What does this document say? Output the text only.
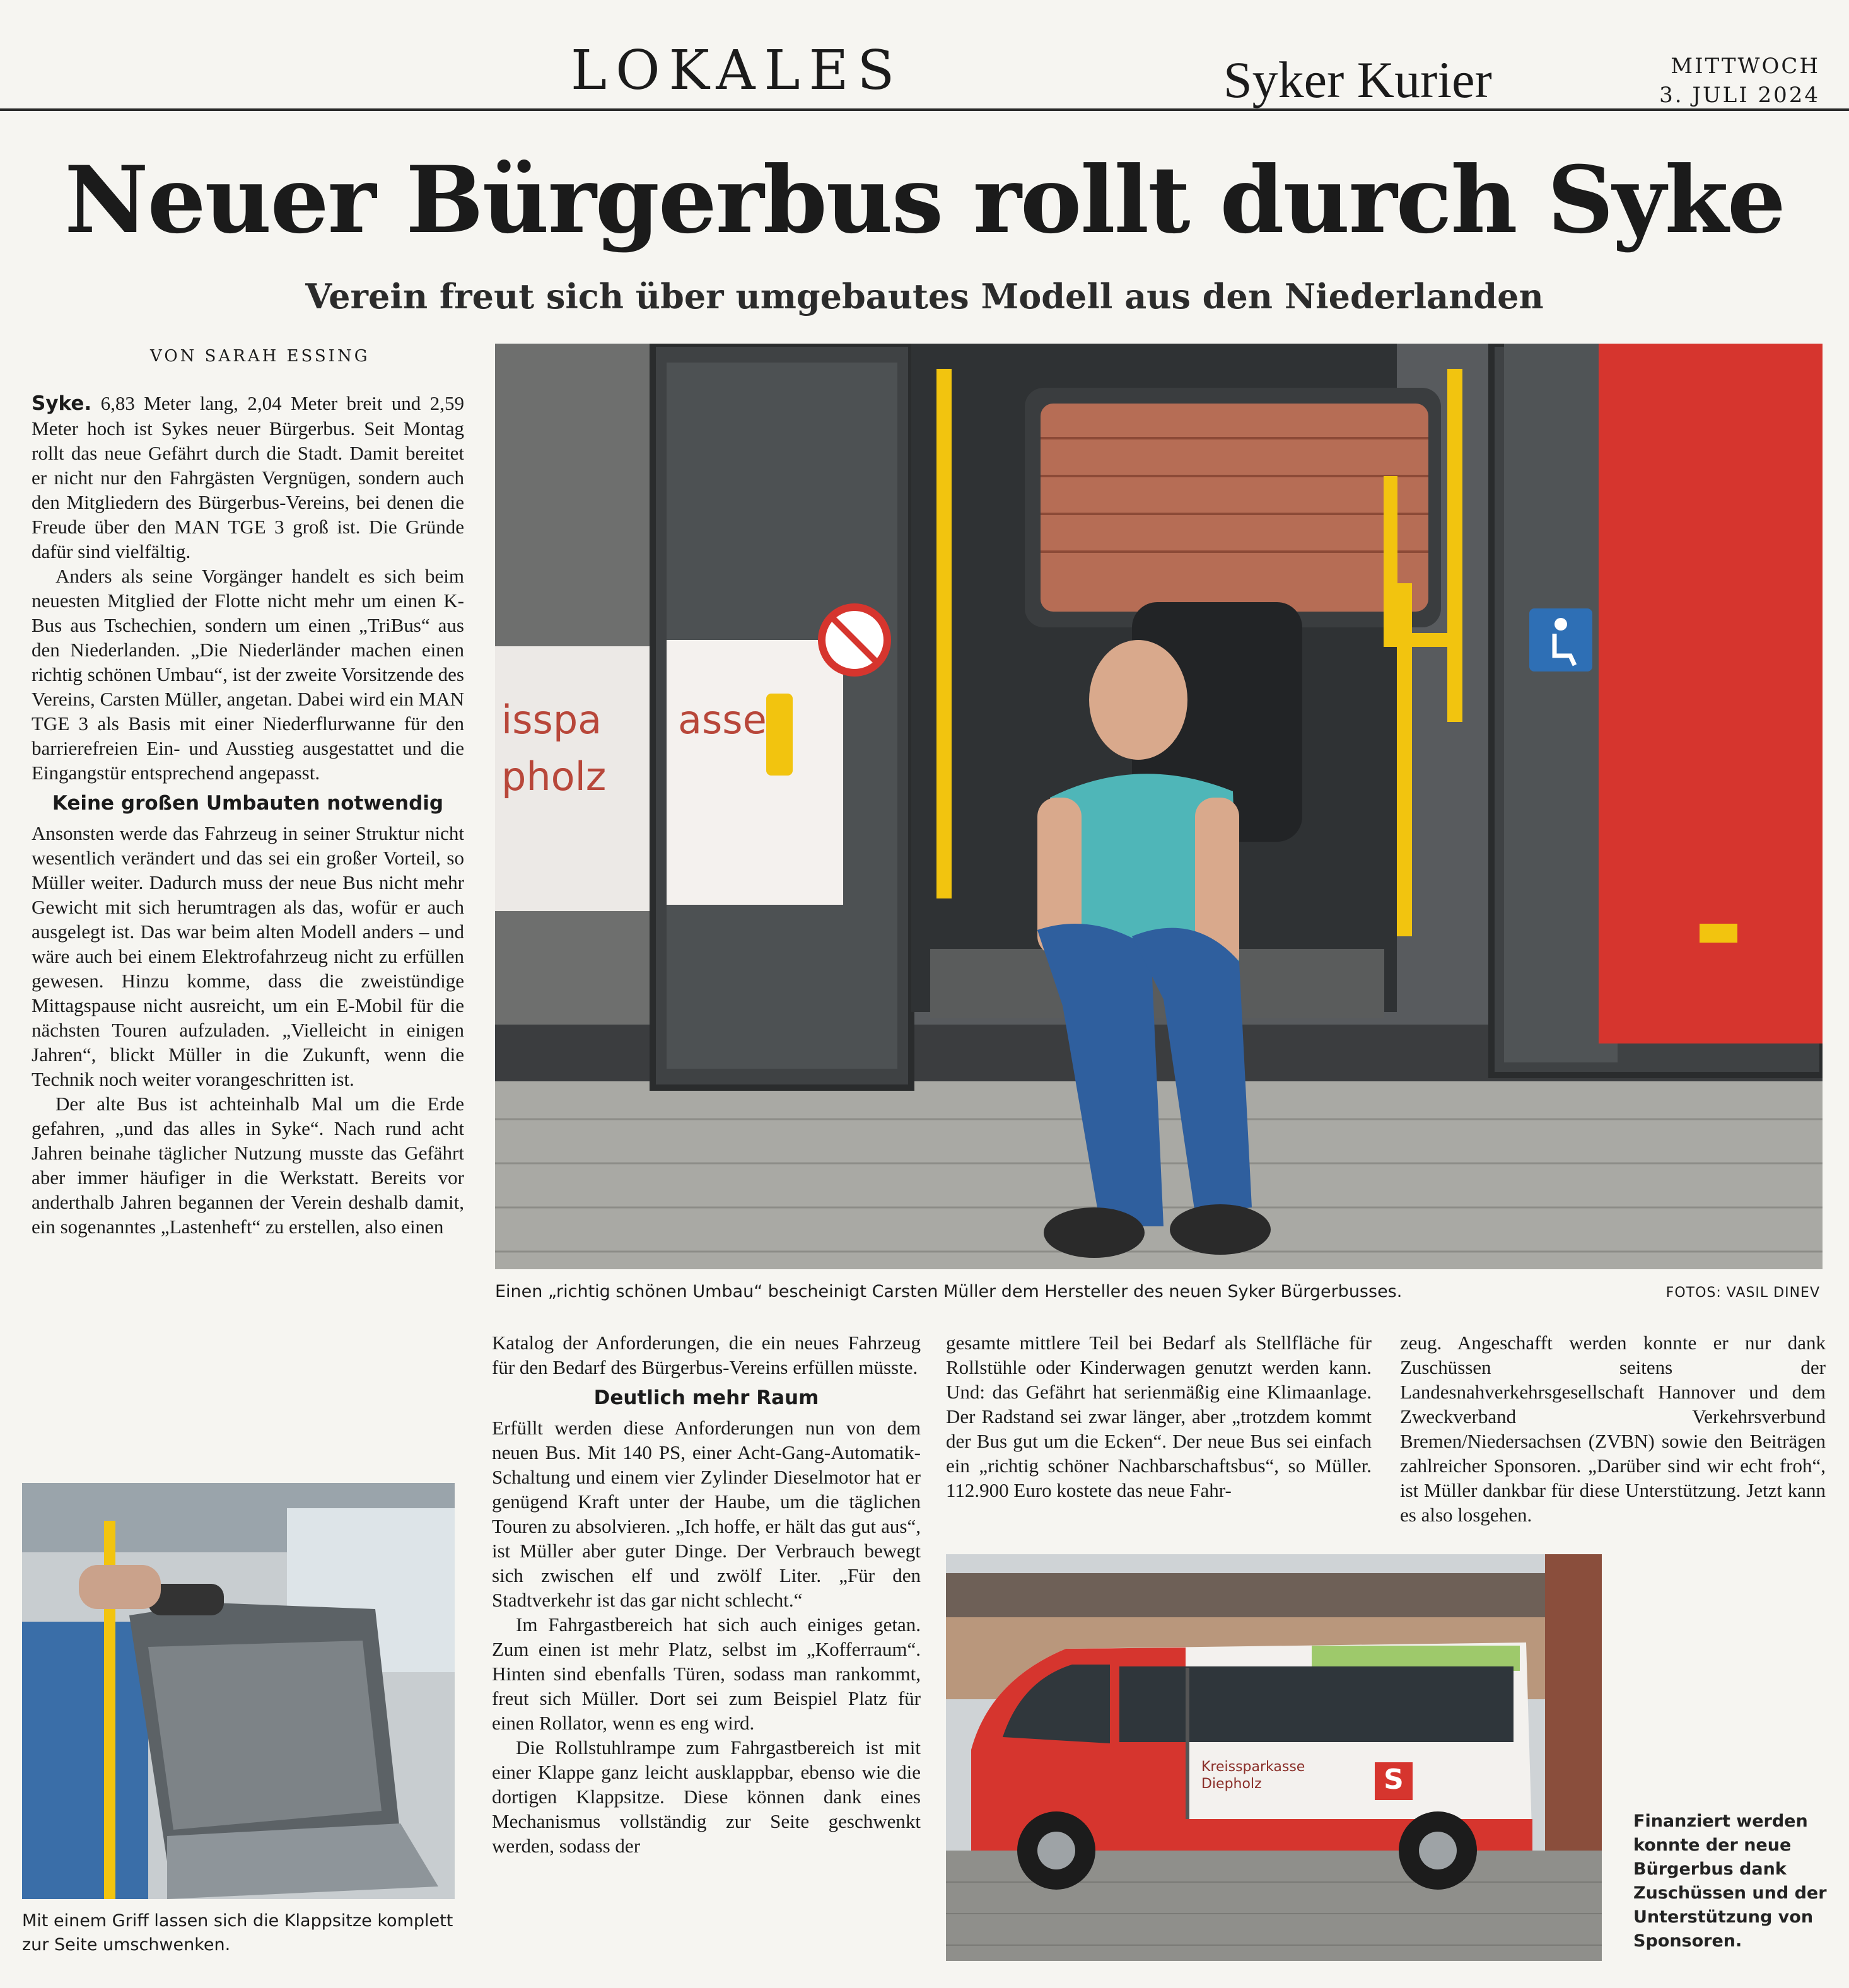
LOKALES	Syker Kurier	MITTWOCH
3. JULI 2024
Neuer Bürgerbus rollt durch Syke
Verein freut sich über umgebautes Modell aus den Niederlanden
VON SARAH ESSING

Syke. 6,83 Meter lang, 2,04 Meter breit und 2,59 Meter hoch ist Sykes neuer Bürgerbus. Seit Montag rollt das neue Gefährt durch die Stadt. Damit bereitet er nicht nur den Fahrgästen Vergnügen, sondern auch den Mitgliedern des Bürgerbus-Vereins, bei denen die Freude über den MAN TGE 3 groß ist. Die Gründe dafür sind vielfältig.

Anders als seine Vorgänger handelt es sich beim neuesten Mitglied der Flotte nicht mehr um einen K-Bus aus Tschechien, sondern um einen „TriBus“ aus den Niederlanden. „Die Niederländer machen einen richtig schönen Umbau“, ist der zweite Vorsitzende des Vereins, Carsten Müller, angetan. Dabei wird ein MAN TGE 3 als Basis mit einer Niederflurwanne für den barrierefreien Ein- und Ausstieg ausgestattet und die Eingangstür entsprechend angepasst.

Keine großen Umbauten notwendig

Ansonsten werde das Fahrzeug in seiner Struktur nicht wesentlich verändert und das sei ein großer Vorteil, so Müller weiter. Dadurch muss der neue Bus nicht mehr Gewicht mit sich herumtragen als das, wofür er auch ausgelegt ist. Das war beim alten Modell anders – und wäre auch bei einem Elektrofahrzeug nicht zu erfüllen gewesen. Hinzu komme, dass die zweistündige Mittagspause nicht ausreicht, um ein E-Mobil für die nächsten Touren aufzuladen. „Vielleicht in einigen Jahren“, blickt Müller in die Zukunft, wenn die Technik noch weiter vorangeschritten ist.

Der alte Bus ist achteinhalb Mal um die Erde gefahren, „und das alles in Syke“. Nach rund acht Jahren beinahe täglicher Nutzung musste das Gefährt aber immer häufiger in die Werkstatt. Bereits vor anderthalb Jahren begannen der Verein deshalb damit, ein sogenanntes „Lastenheft“ zu erstellen, also einen

Mit einem Griff lassen sich die Klappsitze komplett zur Seite umschwenken.
isspa asse
pholz
Einen „richtig schönen Umbau“ bescheinigt Carsten Müller dem Hersteller des neuen Syker Bürgerbusses.	FOTOS: VASIL DINEV

Katalog der Anforderungen, die ein neues Fahrzeug für den Bedarf des Bürgerbus-Vereins erfüllen müsste.

Deutlich mehr Raum

Erfüllt werden diese Anforderungen nun von dem neuen Bus. Mit 140 PS, einer Acht-Gang-Automatik-Schaltung und einem vier Zylinder Dieselmotor hat er genügend Kraft unter der Haube, um die täglichen Touren zu absolvieren. „Ich hoffe, er hält das gut aus“, ist Müller aber guter Dinge. Der Verbrauch bewegt sich zwischen elf und zwölf Liter. „Für den Stadtverkehr ist das gar nicht schlecht.“

Im Fahrgastbereich hat sich auch einiges getan. Zum einen ist mehr Platz, selbst im „Kofferraum“. Hinten sind ebenfalls Türen, sodass man rankommt, freut sich Müller. Dort sei zum Beispiel Platz für einen Rollator, wenn es eng wird.

Die Rollstuhlrampe zum Fahrgastbereich ist mit einer Klappe ganz leicht ausklappbar, ebenso wie die dortigen Klappsitze. Diese können dank eines Mechanismus vollständig zur Seite geschwenkt werden, sodass der

gesamte mittlere Teil bei Bedarf als Stellfläche für Rollstühle oder Kinderwagen genutzt werden kann. Und: das Gefährt hat serienmäßig eine Klimaanlage. Der Radstand sei zwar länger, aber „trotzdem kommt der Bus gut um die Ecken“. Der neue Bus sei einfach ein „richtig schöner Nachbarschaftsbus“, so Müller. 112.900 Euro kostete das neue Fahr-

zeug. Angeschafft werden konnte er nur dank Zuschüssen seitens der Landesnahverkehrsgesellschaft Hannover und dem Zweckverband Verkehrsverbund Bremen/Niedersachsen (ZVBN) sowie den Beiträgen zahlreicher Sponsoren. „Darüber sind wir echt froh“, ist Müller dankbar für diese Unterstützung. Jetzt kann es also losgehen.

Kreissparkasse
Diepholz	S
Finanziert werden konnte der neue Bürgerbus dank Zuschüssen und der Unterstützung von Sponsoren.
